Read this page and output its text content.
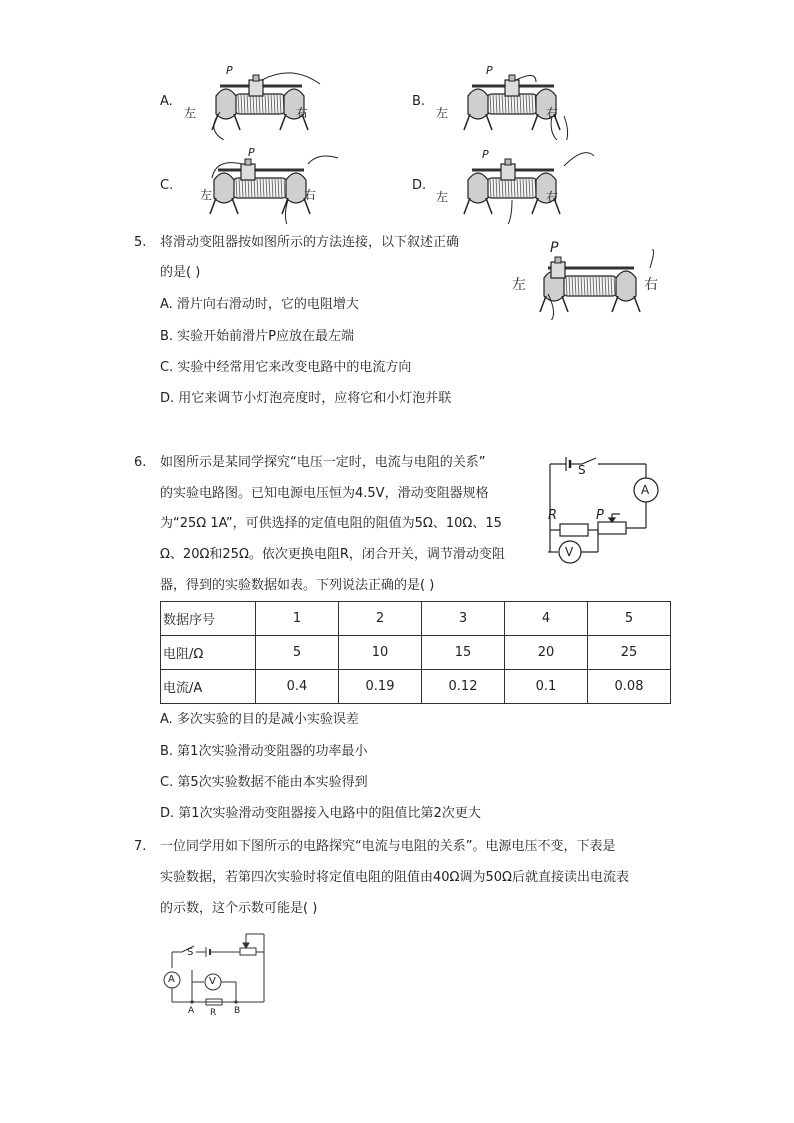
A.
左	右
P
B.
左	右
P
C.
左	右
P
D.
左	右
P
5. 将滑动变阻器按如图所示的方法连接，以下叙述正确
的是( )
A. 滑片向右滑动时，它的电阻增大
B. 实验开始前滑片P应放在最左端
C. 实验中经常用它来改变电路中的电流方向
D. 用它来调节小灯泡亮度时，应将它和小灯泡并联
P
左	右
6. 如图所示是某同学探究“电压一定时，电流与电阻的关系”
的实验电路图。已知电源电压恒为4.5V，滑动变阻器规格
为“25Ω 1A”，可供选择的定值电阻的阻值为5Ω、10Ω、15
Ω、20Ω和25Ω。依次更换电阻R，闭合开关，调节滑动变阻
器，得到的实验数据如表。下列说法正确的是( )
S
A
R	P
V
数据序号	1	2	3	4	5
电阻/Ω	5	10	15	20	25
电流/A	0.4	0.19	0.12	0.1	0.08
A. 多次实验的目的是减小实验误差
B. 第1次实验滑动变阻器的功率最小
C. 第5次实验数据不能由本实验得到
D. 第1次实验滑动变阻器接入电路中的阻值比第2次更大
7. 一位同学用如下图所示的电路探究“电流与电阻的关系”。电源电压不变，下表是
实验数据，若第四次实验时将定值电阻的阻值由40Ω调为50Ω后就直接读出电流表
的示数，这个示数可能是( )
S
A	V
A R B
